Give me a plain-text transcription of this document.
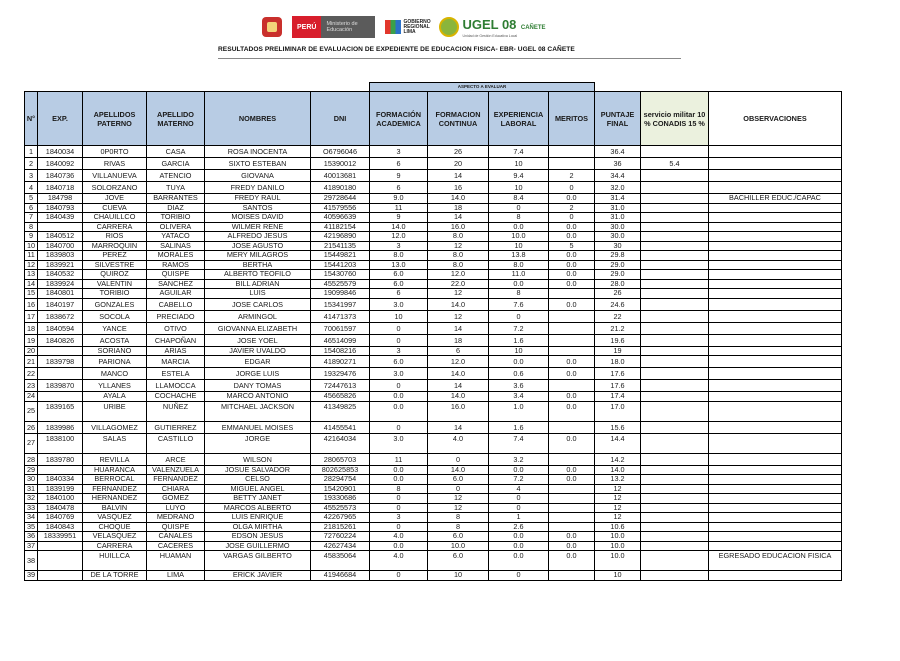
PERÚ	Ministerio de Educación
GOBIERNO REGIONAL LIMA	UGEL 08 CAÑETE
Unidad de Gestión Educativa Local
RESULTADOS PRELIMINAR DE EVALUACION DE EXPEDIENTE DE EDUCACION FISICA- EBR- UGEL 08 CAÑETE
						ASPECTO A EVALUAR						
N°	EXP.	APELLIDOS PATERNO	APELLIDO MATERNO	NOMBRES	DNI	FORMACIÓN ACADEMICA	FORMACION CONTINUA	EXPERIENCIA LABORAL	MERITOS	PUNTAJE FINAL	servicio militar 10 % CONADIS 15 %	OBSERVACIONES
1	1840034	0P0RTO	CASA	ROSA INOCENTA	O6796046	3	26	7.4		36.4		
2	1840092	RIVAS	GARCIA	SIXTO ESTEBAN	15390012	6	20	10		36	5.4	
3	1840736	VILLANUEVA	ATENCIO	GIOVANA	40013681	9	14	9.4	2	34.4		
4	1840718	SOLORZANO	TUYA	FREDY DANILO	41890180	6	16	10	0	32.0		
5	184798	JOVE	BARRANTES	FREDY RAUL	29728644	9.0	14.0	8.4	0.0	31.4		BACHILLER EDUC./CAPAC
6	1840793	CUEVA	DIAZ	SANTOS	41579556	11	18	0	2	31.0		
7	1840439	CHAUILLCO	TORIBIO	MOISES DAVID	40596639	9	14	8	0	31.0		
8		CARRERA	OLIVERA	WILMER RENE	41182154	14.0	16.0	0.0	0.0	30.0		
9	1840512	RIOS	YATACO	ALFREDO JESUS	42196890	12.0	8.0	10.0	0.0	30.0		
10	1840700	MARROQUIN	SALINAS	JOSE AGUSTO	21541135	3	12	10	5	30		
11	1839803	PEREZ	MORALES	MERY MILAGROS	15449821	8.0	8.0	13.8	0.0	29.8		
12	1839921	SILVESTRE	RAMOS	BERTHA	15441203	13.0	8.0	8.0	0.0	29.0		
13	1840532	QUIROZ	QUISPE	ALBERTO TEOFILO	15430760	6.0	12.0	11.0	0.0	29.0		
14	1839924	VALENTIN	SANCHEZ	BILL ADRIAN	45525579	6.0	22.0	0.0	0.0	28.0		
15	1840801	TORIBIO	AGUILAR	LUIS	19099846	6	12	8		26		
16	1840197	GONZALES	CABELLO	JOSE CARLOS	15341997	3.0	14.0	7.6	0.0	24.6		
17	1838672	SOCOLA	PRECIADO	ARMINGOL	41471373	10	12	0		22		
18	1840594	YANCE	OTIVO	GIOVANNA ELIZABETH	70061597	0	14	7.2		21.2		
19	1840826	ACOSTA	CHAPOÑAN	JOSE YOEL	46514099	0	18	1.6		19.6		
20		SORIANO	ARIAS	JAVIER UVALDO	15408216	3	6	10		19		
21	1839798	PARIONA	MARCIA	EDGAR	41890271	6.0	12.0	0.0	0.0	18.0		
22		MANCO	ESTELA	JORGE LUIS	19329476	3.0	14.0	0.6	0.0	17.6		
23	1839870	YLLANES	LLAMOCCA	DANY TOMAS	72447613	0	14	3.6		17.6		
24		AYALA	COCHACHE	MARCO ANTONIO	45665826	0.0	14.0	3.4	0.0	17.4		
25	1839165	URIBE	NUÑEZ	MITCHAEL JACKSON	41349825	0.0	16.0	1.0	0.0	17.0		
26	1839986	VILLAGOMEZ	GUTIERREZ	EMMANUEL MOISES	41455541	0	14	1.6		15.6		
27	1838100	SALAS	CASTILLO	JORGE	42164034	3.0	4.0	7.4	0.0	14.4		
28	1839780	REVILLA	ARCE	WILSON	28065703	11	0	3.2		14.2		
29		HUARANCA	VALENZUELA	JOSUE SALVADOR	802625853	0.0	14.0	0.0	0.0	14.0		
30	1840334	BERROCAL	FERNANDEZ	CELSO	28294754	0.0	6.0	7.2	0.0	13.2		
31	1839199	FERNANDEZ	CHIARA	MIGUEL ANGEL	15420901	8	0	4		12		
32	1840100	HERNANDEZ	GOMEZ	BETTY JANET	19330686	0	12	0		12		
33	1840478	BALVIN	LUYO	MARCOS ALBERTO	45525573	0	12	0		12		
34	1840769	VASQUEZ	MEDRANO	LUIS ENRIQUE	42267965	3	8	1		12		
35	1840843	CHOQUE	QUISPE	OLGA MIRTHA	21815261	0	8	2.6		10.6		
36	18339951	VELASQUEZ	CANALES	EDSON JESUS	72760224	4.0	6.0	0.0	0.0	10.0		
37		CARRERA	CACERES	JOSE GUILLERMO	42627434	0.0	10.0	0.0	0.0	10.0		
38		HUILLCA	HUAMAN	VARGAS GILBERTO	45835064	4.0	6.0	0.0	0.0	10.0		EGRESADO EDUCACION FISICA
39		DE LA TORRE	LIMA	ERICK JAVIER	41946684	0	10	0		10		
